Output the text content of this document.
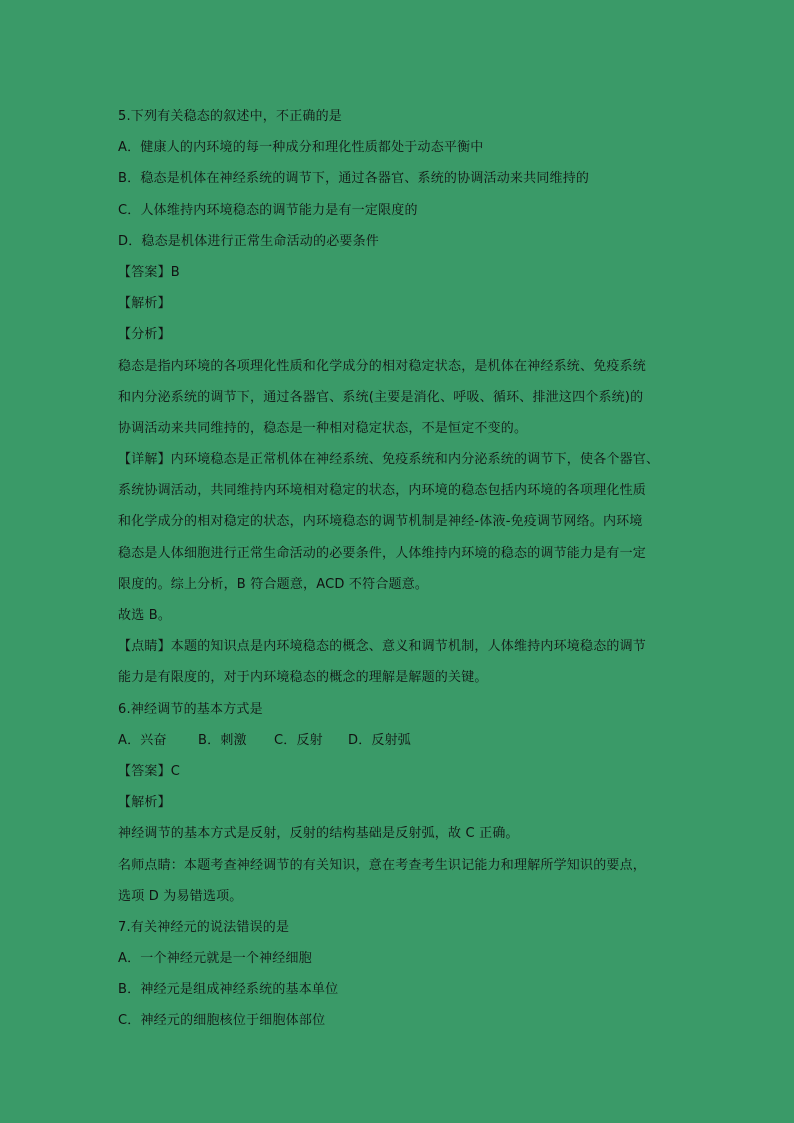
5.下列有关稳态的叙述中，不正确的是
A．健康人的内环境的每一种成分和理化性质都处于动态平衡中
B．稳态是机体在神经系统的调节下，通过各器官、系统的协调活动来共同维持的
C．人体维持内环境稳态的调节能力是有一定限度的
D．稳态是机体进行正常生命活动的必要条件
【答案】B
【解析】
【分析】
稳态是指内环境的各项理化性质和化学成分的相对稳定状态，是机体在神经系统、免疫系统
和内分泌系统的调节下，通过各器官、系统(主要是消化、呼吸、循环、排泄这四个系统)的
协调活动来共同维持的，稳态是一种相对稳定状态，不是恒定不变的。
【详解】内环境稳态是正常机体在神经系统、免疫系统和内分泌系统的调节下，使各个器官、
系统协调活动，共同维持内环境相对稳定的状态，内环境的稳态包括内环境的各项理化性质
和化学成分的相对稳定的状态，内环境稳态的调节机制是神经-体液-免疫调节网络。内环境
稳态是人体细胞进行正常生命活动的必要条件，人体维持内环境的稳态的调节能力是有一定
限度的。综上分析，B 符合题意，ACD 不符合题意。
故选 B。
【点睛】本题的知识点是内环境稳态的概念、意义和调节机制，人体维持内环境稳态的调节
能力是有限度的，对于内环境稳态的概念的理解是解题的关键。
6.神经调节的基本方式是
A．兴奋 B．刺激 C．反射 D．反射弧
【答案】C
【解析】
神经调节的基本方式是反射，反射的结构基础是反射弧，故 C 正确。
名师点睛：本题考查神经调节的有关知识，意在考查考生识记能力和理解所学知识的要点，
选项 D 为易错选项。
7.有关神经元的说法错误的是
A．一个神经元就是一个神经细胞
B．神经元是组成神经系统的基本单位
C．神经元的细胞核位于细胞体部位
